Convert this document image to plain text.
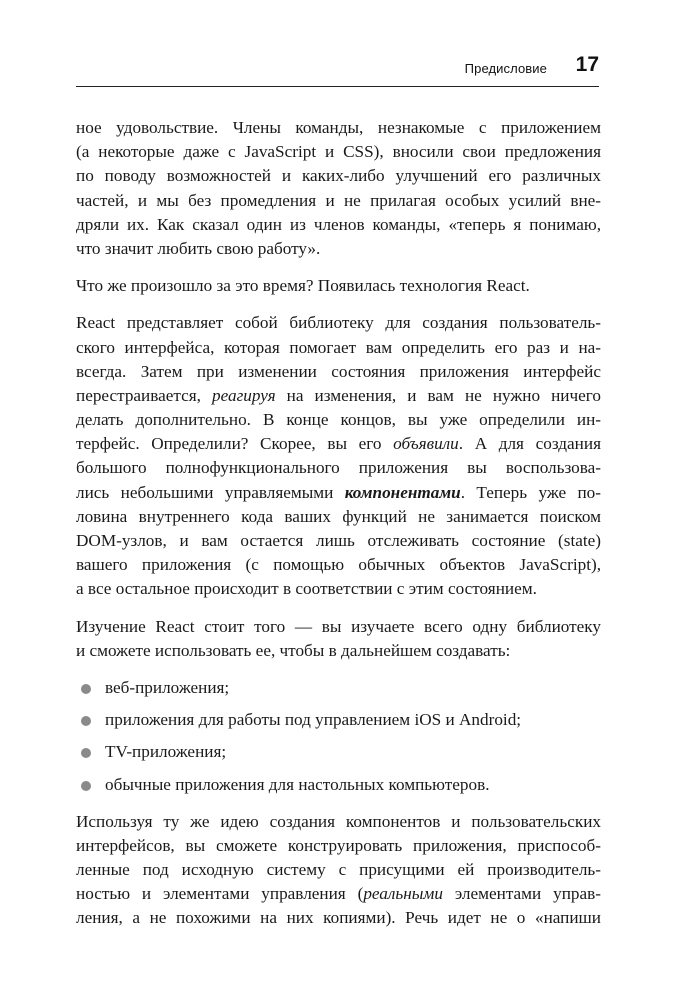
Предисловие 17
ное удовольствие. Члены команды, незнакомые с приложением
(а некоторые даже с JavaScript и CSS), вносили свои предложения
по поводу возможностей и каких-либо улучшений его различных
частей, и мы без промедления и не прилагая особых усилий вне-
дряли их. Как сказал один из членов команды, «теперь я понимаю,
что значит любить свою работу».
Что же произошло за это время? Появилась технология React.
React представляет собой библиотеку для создания пользователь-
ского интерфейса, которая помогает вам определить его раз и на-
всегда. Затем при изменении состояния приложения интерфейс
перестраивается, реагируя на изменения, и вам не нужно ничего
делать дополнительно. В конце концов, вы уже определили ин-
терфейс. Определили? Скорее, вы его объявили. А для создания
большого полнофункционального приложения вы воспользова-
лись небольшими управляемыми компонентами. Теперь уже по-
ловина внутреннего кода ваших функций не занимается поиском
DOM-узлов, и вам остается лишь отслеживать состояние (state)
вашего приложения (с помощью обычных объектов JavaScript),
а все остальное происходит в соответствии с этим состоянием.
Изучение React стоит того — вы изучаете всего одну библиотеку
и сможете использовать ее, чтобы в дальнейшем создавать:
веб-приложения;
приложения для работы под управлением iOS и Android;
TV-приложения;
обычные приложения для настольных компьютеров.
Используя ту же идею создания компонентов и пользовательских
интерфейсов, вы сможете конструировать приложения, приспособ-
ленные под исходную систему с присущими ей производитель-
ностью и элементами управления (реальными элементами управ-
ления, а не похожими на них копиями). Речь идет не о «напиши
